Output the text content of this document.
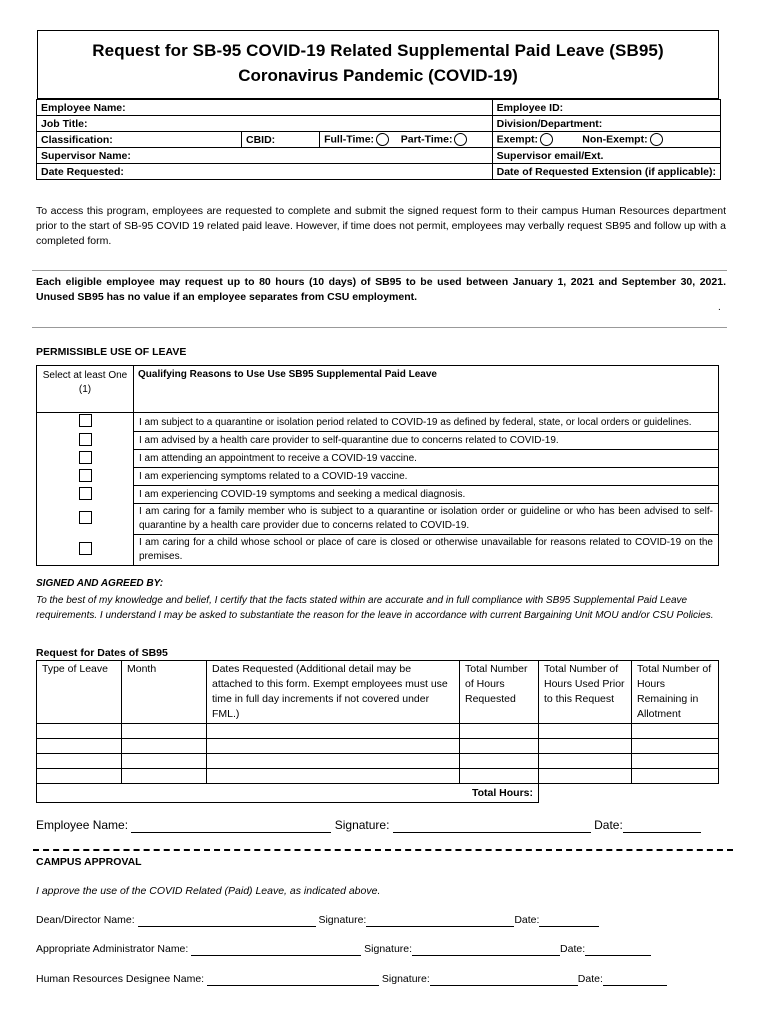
Request for SB-95 COVID-19 Related Supplemental Paid Leave (SB95)
Coronavirus Pandemic (COVID-19)
Employee Name:			Employee ID:
Job Title:			Division/Department:
Classification:	CBID:	Full-Time: Part-Time:	Exempt: Non-Exempt:
Supervisor Name:			Supervisor email/Ext.
Date Requested:			Date of Requested Extension (if applicable):
To access this program, employees are requested to complete and submit the signed request form to their campus Human Resources department prior to the start of SB-95 COVID 19 related paid leave. However, if time does not permit, employees may verbally request SB95 and follow up with a completed form.
Each eligible employee may request up to 80 hours (10 days) of SB95 to be used between January 1, 2021 and September 30, 2021. Unused SB95 has no value if an employee separates from CSU employment.
.
PERMISSIBLE USE OF LEAVE
Select at least One (1)	Qualifying Reasons to Use Use SB95 Supplemental Paid Leave
	I am subject to a quarantine or isolation period related to COVID-19 as defined by federal, state, or local orders or guidelines.
	I am advised by a health care provider to self-quarantine due to concerns related to COVID-19.
	I am attending an appointment to receive a COVID-19 vaccine.
	I am experiencing symptoms related to a COVID-19 vaccine.
	I am experiencing COVID-19 symptoms and seeking a medical diagnosis.
	I am caring for a family member who is subject to a quarantine or isolation order or guideline or who has been advised to self-quarantine by a health care provider due to concerns related to COVID-19.
	I am caring for a child whose school or place of care is closed or otherwise unavailable for reasons related to COVID-19 on the premises.
SIGNED AND AGREED BY:
To the best of my knowledge and belief, I certify that the facts stated within are accurate and in full compliance with SB95 Supplemental Paid Leave requirements. I understand I may be asked to substantiate the reason for the leave in accordance with current Bargaining Unit MOU and/or CSU Policies.
Request for Dates of SB95
Type of Leave	Month	Dates Requested (Additional detail may be attached to this form. Exempt employees must use time in full day increments if not covered under FML.)	Total Number of Hours Requested	Total Number of Hours Used Prior to this Request	Total Number of Hours Remaining in Allotment

Total Hours:					
Employee Name:	Signature:	Date:
CAMPUS APPROVAL
I approve the use of the COVID Related (Paid) Leave, as indicated above.
Dean/Director Name:	Signature:	Date:
Appropriate Administrator Name:	Signature:	Date:
Human Resources Designee Name:	Signature:	Date:
